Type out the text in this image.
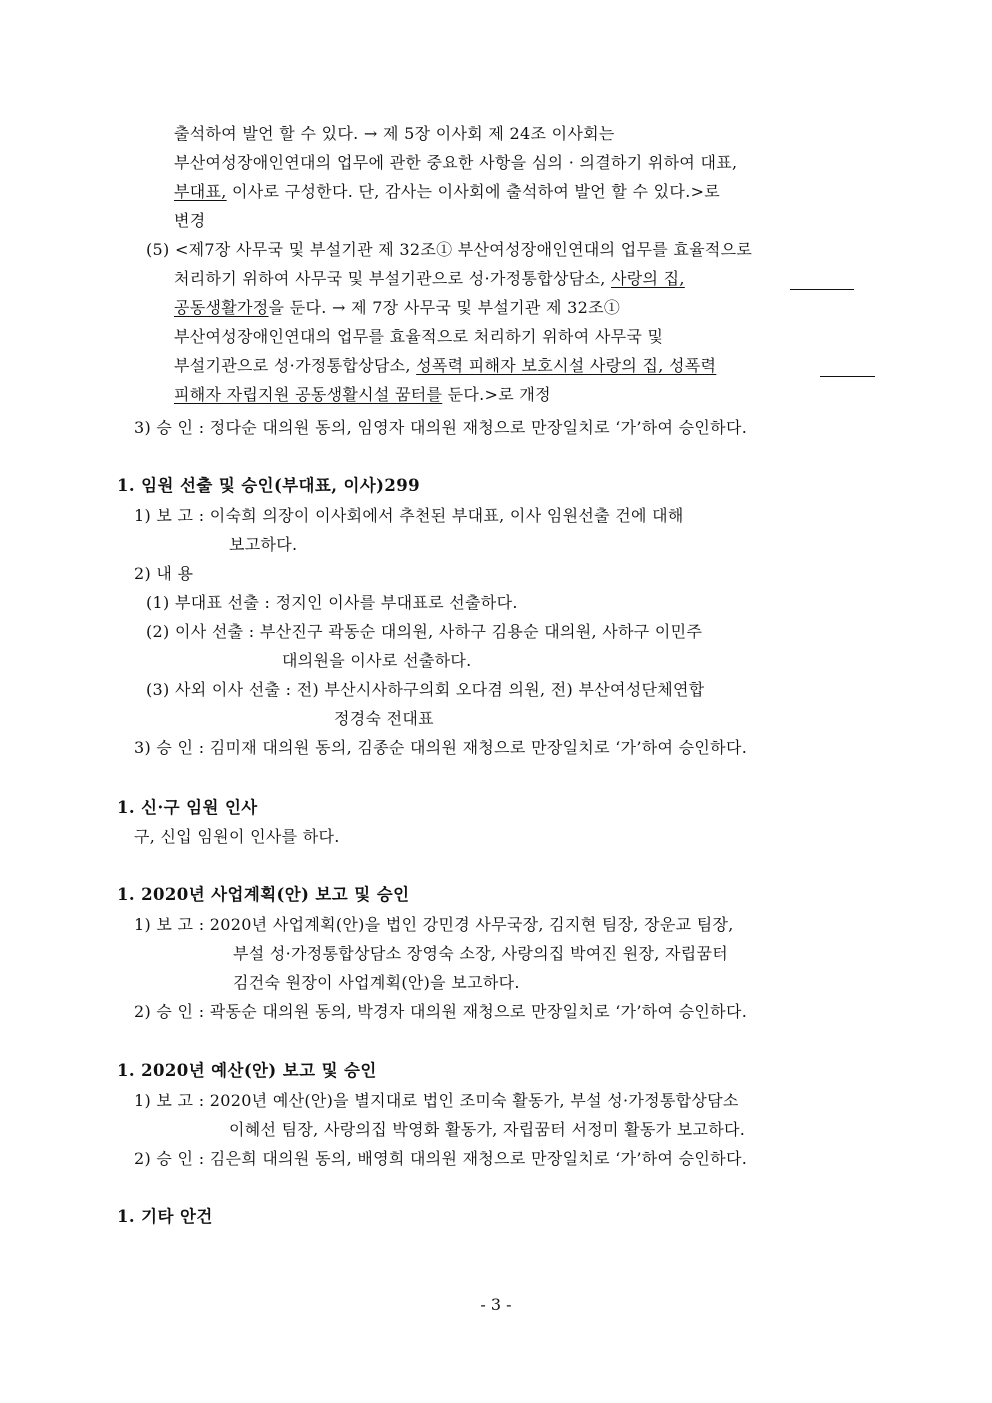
출석하여 발언 할 수 있다. → 제 5장 이사회 제 24조 이사회는
부산여성장애인연대의 업무에 관한 중요한 사항을 심의 · 의결하기 위하여 대표,
부대표, 이사로 구성한다. 단, 감사는 이사회에 출석하여 발언 할 수 있다.>로
변경
(5) <제7장 사무국 및 부설기관 제 32조① 부산여성장애인연대의 업무를 효율적으로
처리하기 위하여 사무국 및 부설기관으로 성·가정통합상담소, 사랑의 집,
공동생활가정을 둔다. → 제 7장 사무국 및 부설기관 제 32조①
부산여성장애인연대의 업무를 효율적으로 처리하기 위하여 사무국 및
부설기관으로 성·가정통합상담소, 성폭력 피해자 보호시설 사랑의 집, 성폭력
피해자 자립지원 공동생활시설 꿈터를 둔다.>로 개정
3) 승 인 : 정다순 대의원 동의, 임영자 대의원 재청으로 만장일치로 ‘가’하여 승인하다.
1. 임원 선출 및 승인(부대표, 이사)299
1) 보 고 : 이숙희 의장이 이사회에서 추천된 부대표, 이사 임원선출 건에 대해
보고하다.
2) 내 용
(1) 부대표 선출 : 정지인 이사를 부대표로 선출하다.
(2) 이사 선출 : 부산진구 곽동순 대의원, 사하구 김용순 대의원, 사하구 이민주
대의원을 이사로 선출하다.
(3) 사외 이사 선출 : 전) 부산시사하구의회 오다겸 의원, 전) 부산여성단체연합
정경숙 전대표
3) 승 인 : 김미재 대의원 동의, 김종순 대의원 재청으로 만장일치로 ‘가’하여 승인하다.
1. 신·구 임원 인사
구, 신입 임원이 인사를 하다.
1. 2020년 사업계획(안) 보고 및 승인
1) 보 고 : 2020년 사업계획(안)을 법인 강민경 사무국장, 김지현 팀장, 장운교 팀장,
부설 성·가정통합상담소 장영숙 소장, 사랑의집 박여진 원장, 자립꿈터
김건숙 원장이 사업계획(안)을 보고하다.
2) 승 인 : 곽동순 대의원 동의, 박경자 대의원 재청으로 만장일치로 ‘가’하여 승인하다.
1. 2020년 예산(안) 보고 및 승인
1) 보 고 : 2020년 예산(안)을 별지대로 법인 조미숙 활동가, 부설 성·가정통합상담소
이혜선 팀장, 사랑의집 박영화 활동가, 자립꿈터 서정미 활동가 보고하다.
2) 승 인 : 김은희 대의원 동의, 배영희 대의원 재청으로 만장일치로 ‘가’하여 승인하다.
1. 기타 안건
- 3 -
